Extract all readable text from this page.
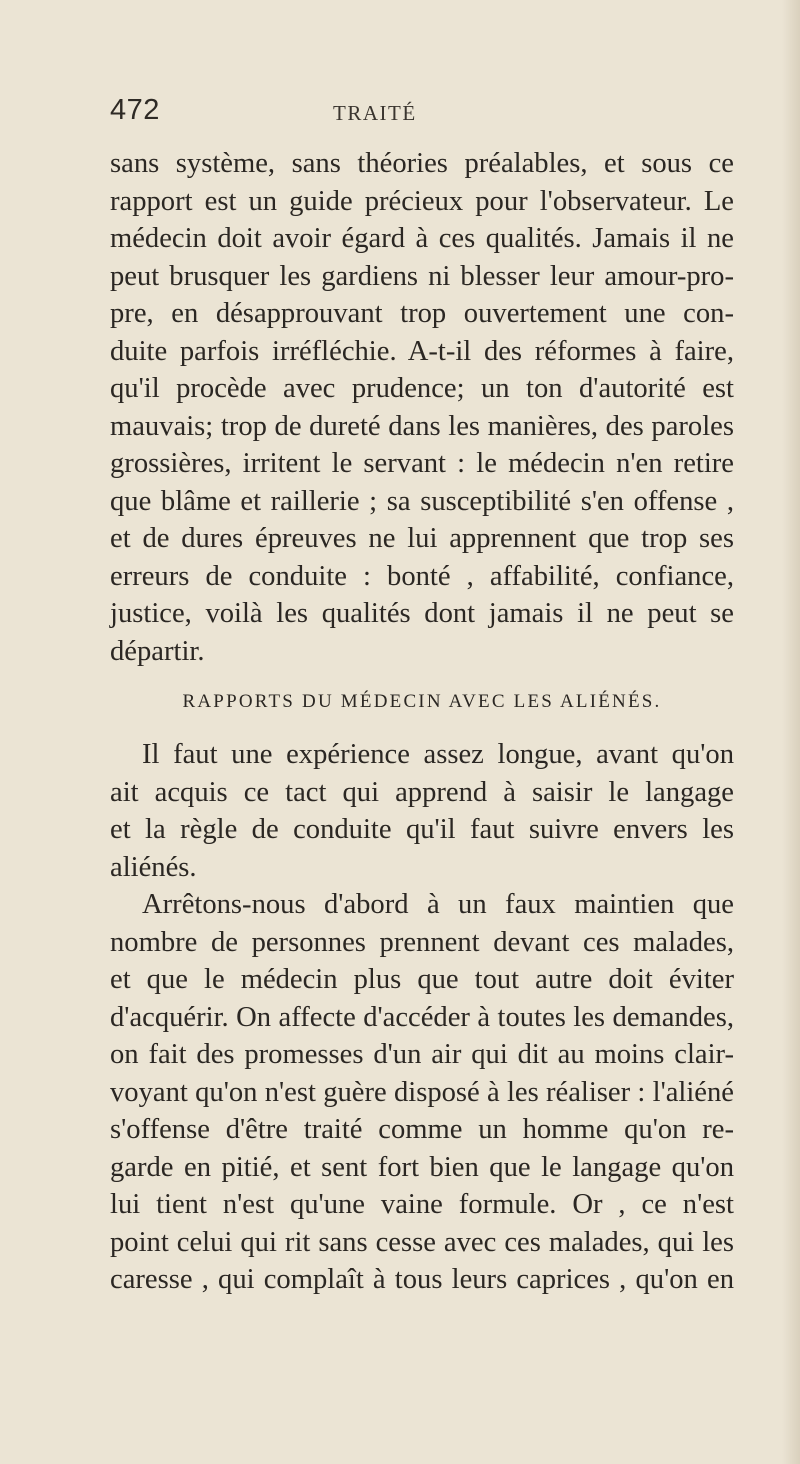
472	TRAITÉ
sans système, sans théories préalables, et sous ce
rapport est un guide précieux pour l'observateur. Le
médecin doit avoir égard à ces qualités. Jamais il ne
peut brusquer les gardiens ni blesser leur amour-pro-
pre, en désapprouvant trop ouvertement une con-
duite parfois irréfléchie. A-t-il des réformes à faire,
qu'il procède avec prudence; un ton d'autorité est
mauvais; trop de dureté dans les manières, des paroles
grossières, irritent le servant : le médecin n'en retire
que blâme et raillerie ; sa susceptibilité s'en offense ,
et de dures épreuves ne lui apprennent que trop ses
erreurs de conduite : bonté , affabilité, confiance,
justice, voilà les qualités dont jamais il ne peut se
départir.
RAPPORTS DU MÉDECIN AVEC LES ALIÉNÉS.
Il faut une expérience assez longue, avant qu'on
ait acquis ce tact qui apprend à saisir le langage
et la règle de conduite qu'il faut suivre envers les
aliénés.
Arrêtons-nous d'abord à un faux maintien que
nombre de personnes prennent devant ces malades,
et que le médecin plus que tout autre doit éviter
d'acquérir. On affecte d'accéder à toutes les demandes,
on fait des promesses d'un air qui dit au moins clair-
voyant qu'on n'est guère disposé à les réaliser : l'aliéné
s'offense d'être traité comme un homme qu'on re-
garde en pitié, et sent fort bien que le langage qu'on
lui tient n'est qu'une vaine formule. Or , ce n'est
point celui qui rit sans cesse avec ces malades, qui les
caresse , qui complaît à tous leurs caprices , qu'on en
